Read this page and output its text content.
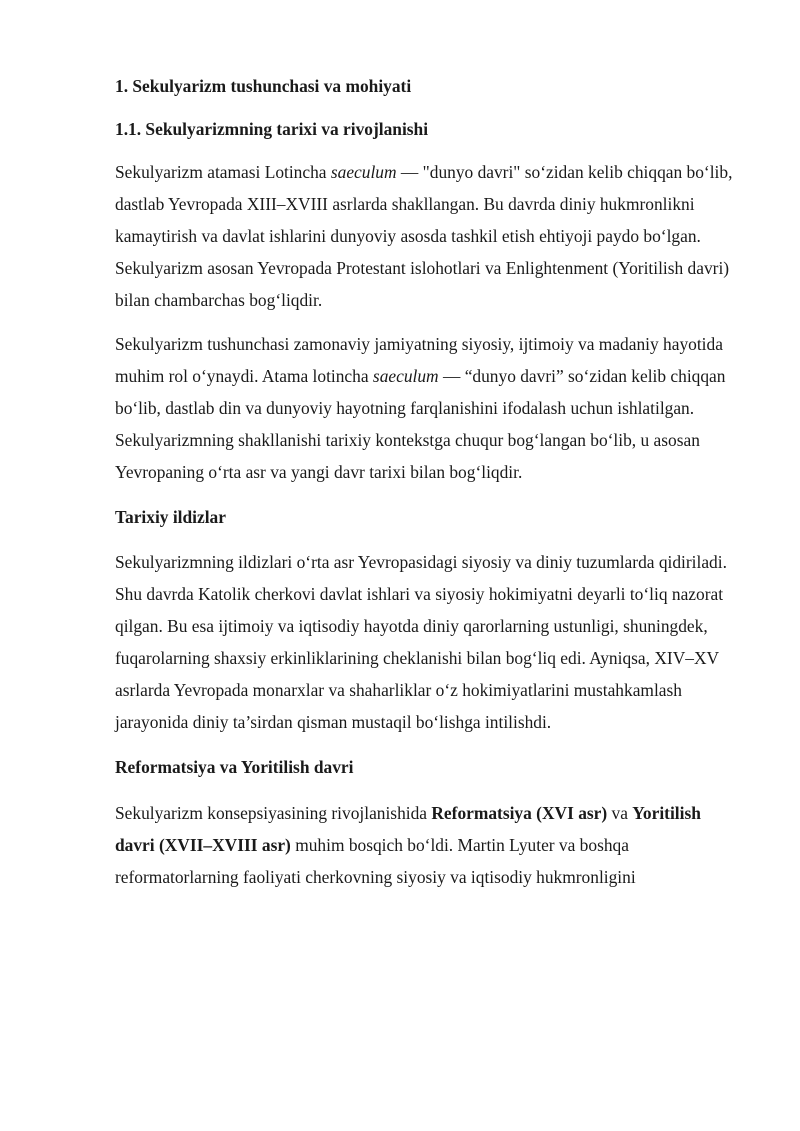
1. Sekulyarizm tushunchasi va mohiyati

1.1. Sekulyarizmning tarixi va rivojlanishi

Sekulyarizm atamasi Lotincha saeculum — "dunyo davri" so‘zidan kelib chiqqan bo‘lib, dastlab Yevropada XIII–XVIII asrlarda shakllangan. Bu davrda diniy hukmronlikni kamaytirish va davlat ishlarini dunyoviy asosda tashkil etish ehtiyoji paydo bo‘lgan. Sekulyarizm asosan Yevropada Protestant islohotlari va Enlightenment (Yoritilish davri) bilan chambarchas bog‘liqdir.

Sekulyarizm tushunchasi zamonaviy jamiyatning siyosiy, ijtimoiy va madaniy hayotida muhim rol o‘ynaydi. Atama lotincha saeculum — “dunyo davri” so‘zidan kelib chiqqan bo‘lib, dastlab din va dunyoviy hayotning farqlanishini ifodalash uchun ishlatilgan. Sekulyarizmning shakllanishi tarixiy kontekstga chuqur bog‘langan bo‘lib, u asosan Yevropaning o‘rta asr va yangi davr tarixi bilan bog‘liqdir.

Tarixiy ildizlar

Sekulyarizmning ildizlari o‘rta asr Yevropasidagi siyosiy va diniy tuzumlarda qidiriladi. Shu davrda Katolik cherkovi davlat ishlari va siyosiy hokimiyatni deyarli to‘liq nazorat qilgan. Bu esa ijtimoiy va iqtisodiy hayotda diniy qarorlarning ustunligi, shuningdek, fuqarolarning shaxsiy erkinliklarining cheklanishi bilan bog‘liq edi. Ayniqsa, XIV–XV asrlarda Yevropada monarxlar va shaharliklar o‘z hokimiyatlarini mustahkamlash jarayonida diniy ta’sirdan qisman mustaqil bo‘lishga intilishdi.

Reformatsiya va Yoritilish davri

Sekulyarizm konsepsiyasining rivojlanishida Reformatsiya (XVI asr) va Yoritilish davri (XVII–XVIII asr) muhim bosqich bo‘ldi. Martin Lyuter va boshqa reformatorlarning faoliyati cherkovning siyosiy va iqtisodiy hukmronligini
